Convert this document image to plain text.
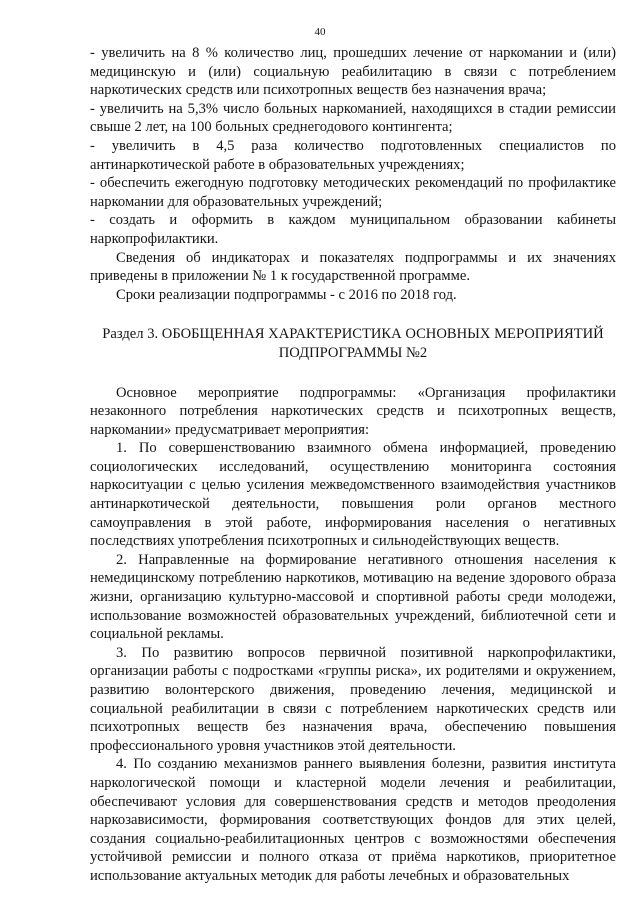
40

- увеличить на 8 % количество лиц, прошедших лечение от наркомании и (или) медицинскую и (или) социальную реабилитацию в связи с потреблением наркотических средств или психотропных веществ без назначения врача;

- увеличить на 5,3% число больных наркоманией, находящихся в стадии ремиссии свыше 2 лет, на 100 больных среднегодового контингента;

- увеличить в 4,5 раза количество подготовленных специалистов по антинаркотической работе в образовательных учреждениях;

- обеспечить ежегодную подготовку методических рекомендаций по профилактике наркомании для образовательных учреждений;

- создать и оформить в каждом муниципальном образовании кабинеты наркопрофилактики.

Сведения об индикаторах и показателях подпрограммы и их значениях приведены в приложении № 1 к государственной программе.

Сроки реализации подпрограммы - с 2016 по 2018 год.

Раздел 3. ОБОБЩЕННАЯ ХАРАКТЕРИСТИКА ОСНОВНЫХ МЕРОПРИЯТИЙ ПОДПРОГРАММЫ №2

Основное мероприятие подпрограммы: «Организация профилактики незаконного потребления наркотических средств и психотропных веществ, наркомании» предусматривает мероприятия:

1. По совершенствованию взаимного обмена информацией, проведению социологических исследований, осуществлению мониторинга состояния наркоситуации с целью усиления межведомственного взаимодействия участников антинаркотической деятельности, повышения роли органов местного самоуправления в этой работе, информирования населения о негативных последствиях употребления психотропных и сильнодействующих веществ.

2. Направленные на формирование негативного отношения населения к немедицинскому потреблению наркотиков, мотивацию на ведение здорового образа жизни, организацию культурно-массовой и спортивной работы среди молодежи, использование возможностей образовательных учреждений, библиотечной сети и социальной рекламы.

3. По развитию вопросов первичной позитивной наркопрофилактики, организации работы с подростками «группы риска», их родителями и окружением, развитию волонтерского движения, проведению лечения, медицинской и социальной реабилитации в связи с потреблением наркотических средств или психотропных веществ без назначения врача, обеспечению повышения профессионального уровня участников этой деятельности.

4. По созданию механизмов раннего выявления болезни, развития института наркологической помощи и кластерной модели лечения и реабилитации, обеспечивают условия для совершенствования средств и методов преодоления наркозависимости, формирования соответствующих фондов для этих целей, создания социально-реабилитационных центров с возможностями обеспечения устойчивой ремиссии и полного отказа от приёма наркотиков, приоритетное использование актуальных методик для работы лечебных и образовательных
